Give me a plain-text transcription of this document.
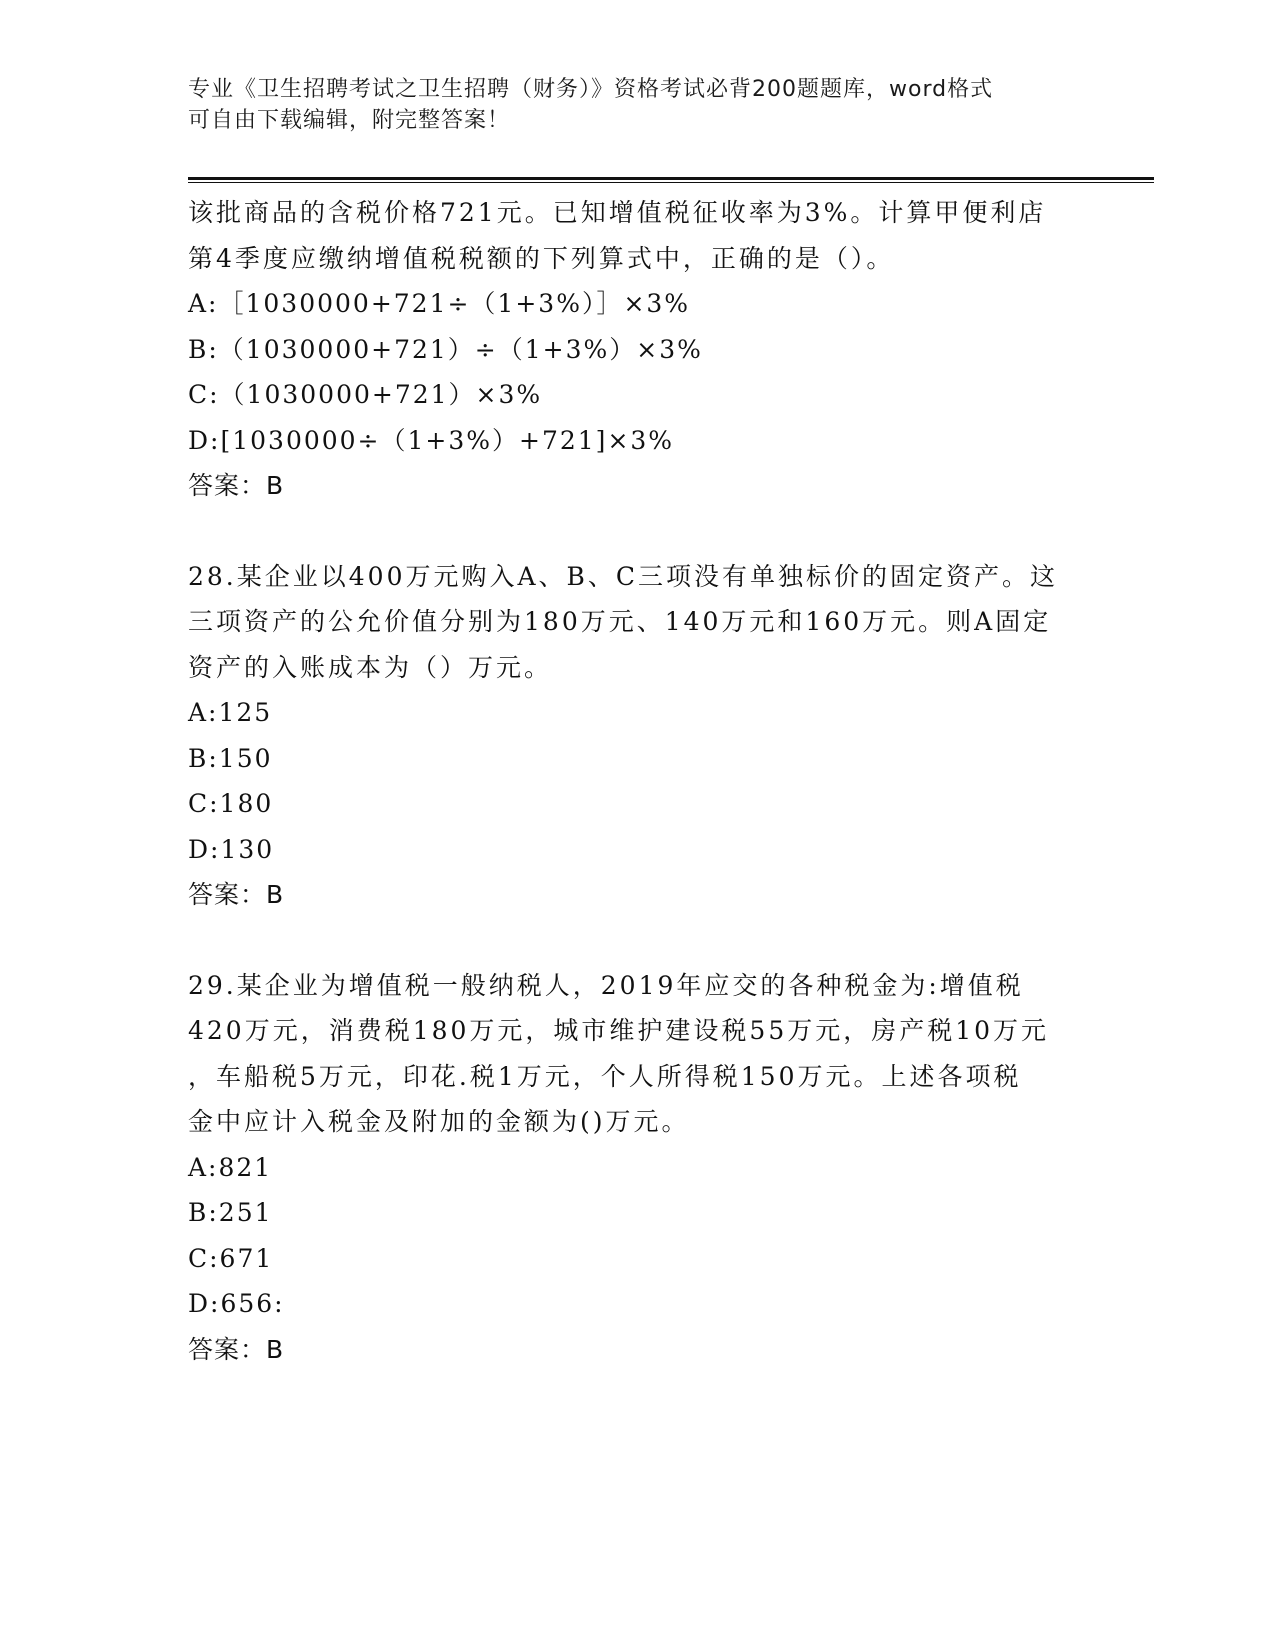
专业《卫生招聘考试之卫生招聘（财务）》资格考试必背200题题库，word格式
可自由下载编辑，附完整答案！
该批商品的含税价格721元。已知增值税征收率为3%。计算甲便利店
第4季度应缴纳增值税税额的下列算式中，正确的是（）。
A:［1030000+721÷（1+3%）］×3%
B:（1030000+721）÷（1+3%）×3%
C:（1030000+721）×3%
D:[1030000÷（1+3%）+721]×3%
答案：B
28.某企业以400万元购入A、B、C三项没有单独标价的固定资产。这
三项资产的公允价值分别为180万元、140万元和160万元。则A固定
资产的入账成本为（）万元。
A:125
B:150
C:180
D:130
答案：B
29.某企业为增值税一般纳税人，2019年应交的各种税金为:增值税
420万元，消费税180万元，城市维护建设税55万元，房产税10万元
，车船税5万元，印花.税1万元，个人所得税150万元。上述各项税
金中应计入税金及附加的金额为()万元。
A:821
B:251
C:671
D:656:
答案：B
